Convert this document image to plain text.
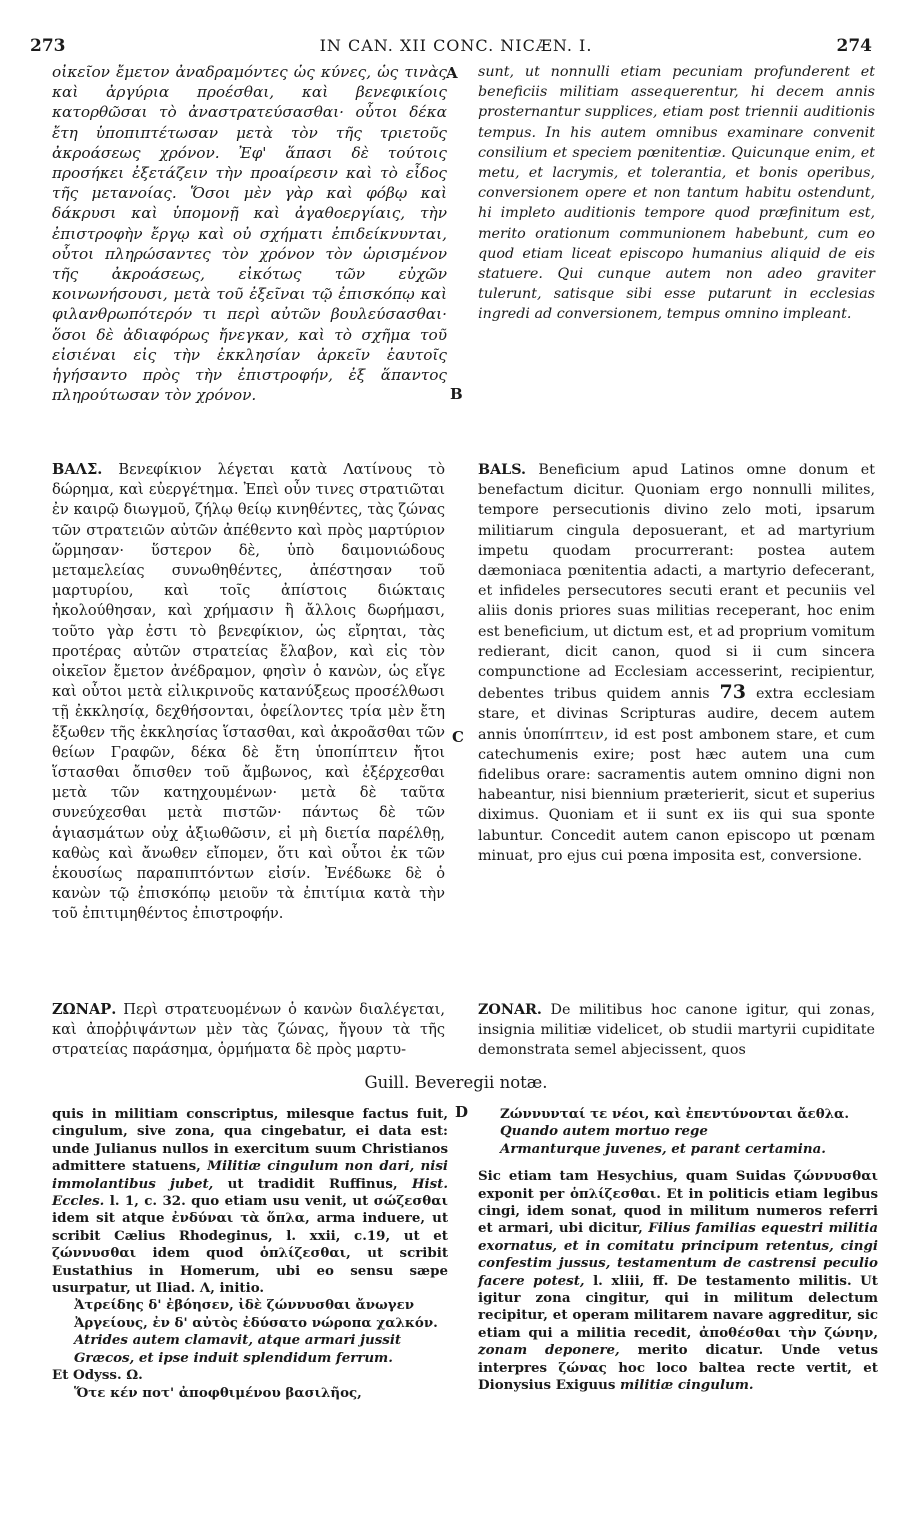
273	IN CAN. XII CONC. NICÆN. I.	274
A
B
C
D

οἰκεῖον ἔμετον ἀναδραμόντες ὡς κύνες, ὡς τινὰς καὶ ἀργύρια προέσθαι, καὶ βενεφικίοις κατορθῶσαι τὸ ἀναστρατεύσασθαι· οὗτοι δέκα ἔτη ὑποπιπτέτωσαν μετὰ τὸν τῆς τριετοῦς ἀκροάσεως χρόνον. Ἐφ' ἅπασι δὲ τούτοις προσήκει ἐξετάζειν τὴν προαίρεσιν καὶ τὸ εἶδος τῆς μετανοίας. Ὅσοι μὲν γὰρ καὶ φόβῳ καὶ δάκρυσι καὶ ὑπομονῇ καὶ ἀγαθοεργίαις, τὴν ἐπιστροφὴν ἔργῳ καὶ οὐ σχήματι ἐπιδείκνυνται, οὗτοι πληρώσαντες τὸν χρόνον τὸν ὡρισμένον τῆς ἀκροάσεως, εἰκότως τῶν εὐχῶν κοινωνήσουσι, μετὰ τοῦ ἐξεῖναι τῷ ἐπισκόπῳ καὶ φιλανθρωπότερόν τι περὶ αὐτῶν βουλεύσασθαι· ὅσοι δὲ ἀδιαφόρως ἤνεγκαν, καὶ τὸ σχῆμα τοῦ εἰσιέναι εἰς τὴν ἐκκλησίαν ἀρκεῖν ἑαυτοῖς ἡγήσαντο πρὸς τὴν ἐπιστροφήν, ἐξ ἅπαντος πληρούτωσαν τὸν χρόνον.

sunt, ut nonnulli etiam pecuniam profunderent et beneficiis militiam assequerentur, hi decem annis prosternantur supplices, etiam post triennii auditionis tempus. In his autem omnibus examinare convenit consilium et speciem pœnitentiæ. Quicunque enim, et metu, et lacrymis, et tolerantia, et bonis operibus, conversionem opere et non tantum habitu ostendunt, hi impleto auditionis tempore quod præfinitum est, merito orationum communionem habebunt, cum eo quod etiam liceat episcopo humanius aliquid de eis statuere. Qui cunque autem non adeo graviter tulerunt, satisque sibi esse putarunt in ecclesias ingredi ad conversionem, tempus omnino impleant.

ΒΑΛΣ. Βενεφίκιον λέγεται κατὰ Λατίνους τὸ δώρημα, καὶ εὐεργέτημα. Ἐπεὶ οὖν τινες στρατιῶται ἐν καιρῷ διωγμοῦ, ζήλῳ θείῳ κινηθέντες, τὰς ζώνας τῶν στρατειῶν αὐτῶν ἀπέθεντο καὶ πρὸς μαρτύριον ὥρμησαν· ὕστερον δὲ, ὑπὸ δαιμονιώδους μεταμελείας συνωθηθέντες, ἀπέστησαν τοῦ μαρτυρίου, καὶ τοῖς ἀπίστοις διώκταις ἠκολούθησαν, καὶ χρήμασιν ἢ ἄλλοις δωρήμασι, τοῦτο γὰρ ἐστι τὸ βενεφίκιον, ὡς εἴρηται, τὰς προτέρας αὐτῶν στρατείας ἔλαβον, καὶ εἰς τὸν οἰκεῖον ἔμετον ἀνέδραμον, φησὶν ὁ κανὼν, ὡς εἴγε καὶ οὗτοι μετὰ εἰλικρινοῦς κατανύξεως προσέλθωσι τῇ ἐκκλησίᾳ, δεχθήσονται, ὀφείλοντες τρία μὲν ἔτη ἔξωθεν τῆς ἐκκλησίας ἵστασθαι, καὶ ἀκροᾶσθαι τῶν θείων Γραφῶν, δέκα δὲ ἔτη ὑποπίπτειν ἤτοι ἵστασθαι ὄπισθεν τοῦ ἄμβωνος, καὶ ἐξέρχεσθαι μετὰ τῶν κατηχουμένων· μετὰ δὲ ταῦτα συνεύχεσθαι μετὰ πιστῶν· πάντως δὲ τῶν ἁγιασμάτων οὐχ ἀξιωθῶσιν, εἰ μὴ διετία παρέλθῃ, καθὼς καὶ ἄνωθεν εἴπομεν, ὅτι καὶ οὗτοι ἐκ τῶν ἑκουσίως παραπιπτόντων εἰσίν. Ἐνέδωκε δὲ ὁ κανὼν τῷ ἐπισκόπῳ μειοῦν τὰ ἐπιτίμια κατὰ τὴν τοῦ ἐπιτιμηθέντος ἐπιστροφήν.

BALS. Beneficium apud Latinos omne donum et benefactum dicitur. Quoniam ergo nonnulli milites, tempore persecutionis divino zelo moti, ipsarum militiarum cingula deposuerant, et ad martyrium impetu quodam procurrerant: postea autem dæmoniaca pœnitentia adacti, a martyrio defecerant, et infideles persecutores secuti erant et pecuniis vel aliis donis priores suas militias receperant, hoc enim est beneficium, ut dictum est, et ad proprium vomitum redierant, dicit canon, quod si ii cum sincera compunctione ad Ecclesiam accesserint, recipientur, debentes tribus quidem annis 73 extra ecclesiam stare, et divinas Scripturas audire, decem autem annis ὑποπίπτειν, id est post ambonem stare, et cum catechumenis exire; post hæc autem una cum fidelibus orare: sacramentis autem omnino digni non habeantur, nisi biennium præterierit, sicut et superius diximus. Quoniam et ii sunt ex iis qui sua sponte labuntur. Concedit autem canon episcopo ut pœnam minuat, pro ejus cui pœna imposita est, conversione.

ΖΩΝΑΡ. Περὶ στρατευομένων ὁ κανὼν διαλέγεται, καὶ ἀποῤῥιψάντων μὲν τὰς ζώνας, ἤγουν τὰ τῆς στρατείας παράσημα, ὁρμήματα δὲ πρὸς μαρτυ-

ZONAR. De militibus hoc canone igitur, qui zonas, insignia militiæ videlicet, ob studii martyrii cupiditate demonstrata semel abjecissent, quos

Guill. Beveregii notæ.

quis in militiam conscriptus, milesque factus fuit, cingulum, sive zona, qua cingebatur, ei data est: unde Julianus nullos in exercitum suum Christianos admittere statuens, Militiæ cingulum non dari, nisi immolantibus jubet, ut tradidit Ruffinus, Hist. Eccles. l. 1, c. 32. quo etiam usu venit, ut σώζεσθαι idem sit atque ἐνδύναι τὰ ὅπλα, arma induere, ut scribit Cælius Rhodeginus, l. xxii, c.19, ut et ζώννυσθαι idem quod ὁπλίζεσθαι, ut scribit Eustathius in Homerum, ubi eo sensu sæpe usurpatur, ut Iliad. Λ, initio.

Ἀτρείδης δ' ἐβόησεν, ἰδὲ ζώννυσθαι ἄνωγεν

Ἀργείους, ἐν δ' αὐτὸς ἐδύσατο νώροπα χαλκόν.

Atrides autem clamavit, atque armari jussit

Græcos, et ipse induit splendidum ferrum.

Et Odyss. Ω.

Ὅτε κέν ποτ' ἀποφθιμένου βασιλῆος,

Ζώννυνταί τε νέοι, καὶ ἐπεντύνονται ἄεθλα.

Quando autem mortuo rege

Armanturque juvenes, et parant certamina.

Sic etiam tam Hesychius, quam Suidas ζώννυσθαι exponit per ὁπλίζεσθαι. Et in politicis etiam legibus cingi, idem sonat, quod in militum numeros referri et armari, ubi dicitur, Filius familias equestri militia exornatus, et in comitatu principum retentus, cingi confestim jussus, testamentum de castrensi peculio facere potest, l. xliii, ff. De testamento militis. Ut igitur zona cingitur, qui in militum delectum recipitur, et operam militarem navare aggreditur, sic etiam qui a militia recedit, ἀποθέσθαι τὴν ζώνην, zonam deponere, merito dicatur. Unde vetus interpres ζώνας hoc loco baltea recte vertit, et Dionysius Exiguus militiæ cingulum.
